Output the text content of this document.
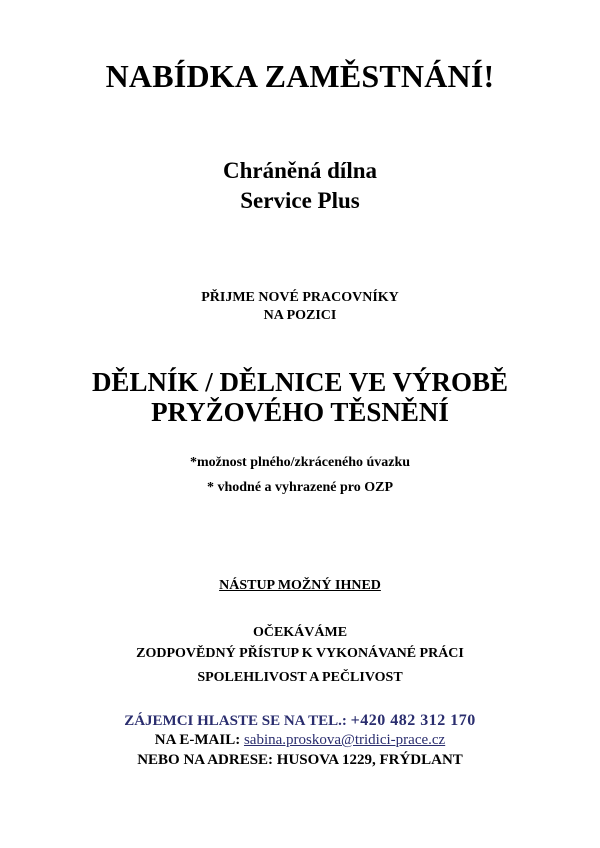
NABÍDKA ZAMĚSTNÁNÍ!
Chráněná dílna
Service Plus
PŘIJME NOVÉ PRACOVNÍKY
NA POZICI
DĚLNÍK / DĚLNICE VE VÝROBĚ
PRYŽOVÉHO TĚSNĚNÍ
*možnost plného/zkráceného úvazku
* vhodné a vyhrazené pro OZP
NÁSTUP MOŽNÝ IHNED
OČEKÁVÁME
ZODPOVĚDNÝ PŘÍSTUP K VYKONÁVANÉ PRÁCI
SPOLEHLIVOST A PEČLIVOST
ZÁJEMCI HLASTE SE NA TEL.: +420 482 312 170
NA E-MAIL: sabina.proskova@tridici-prace.cz
NEBO NA ADRESE: HUSOVA 1229, FRÝDLANT
